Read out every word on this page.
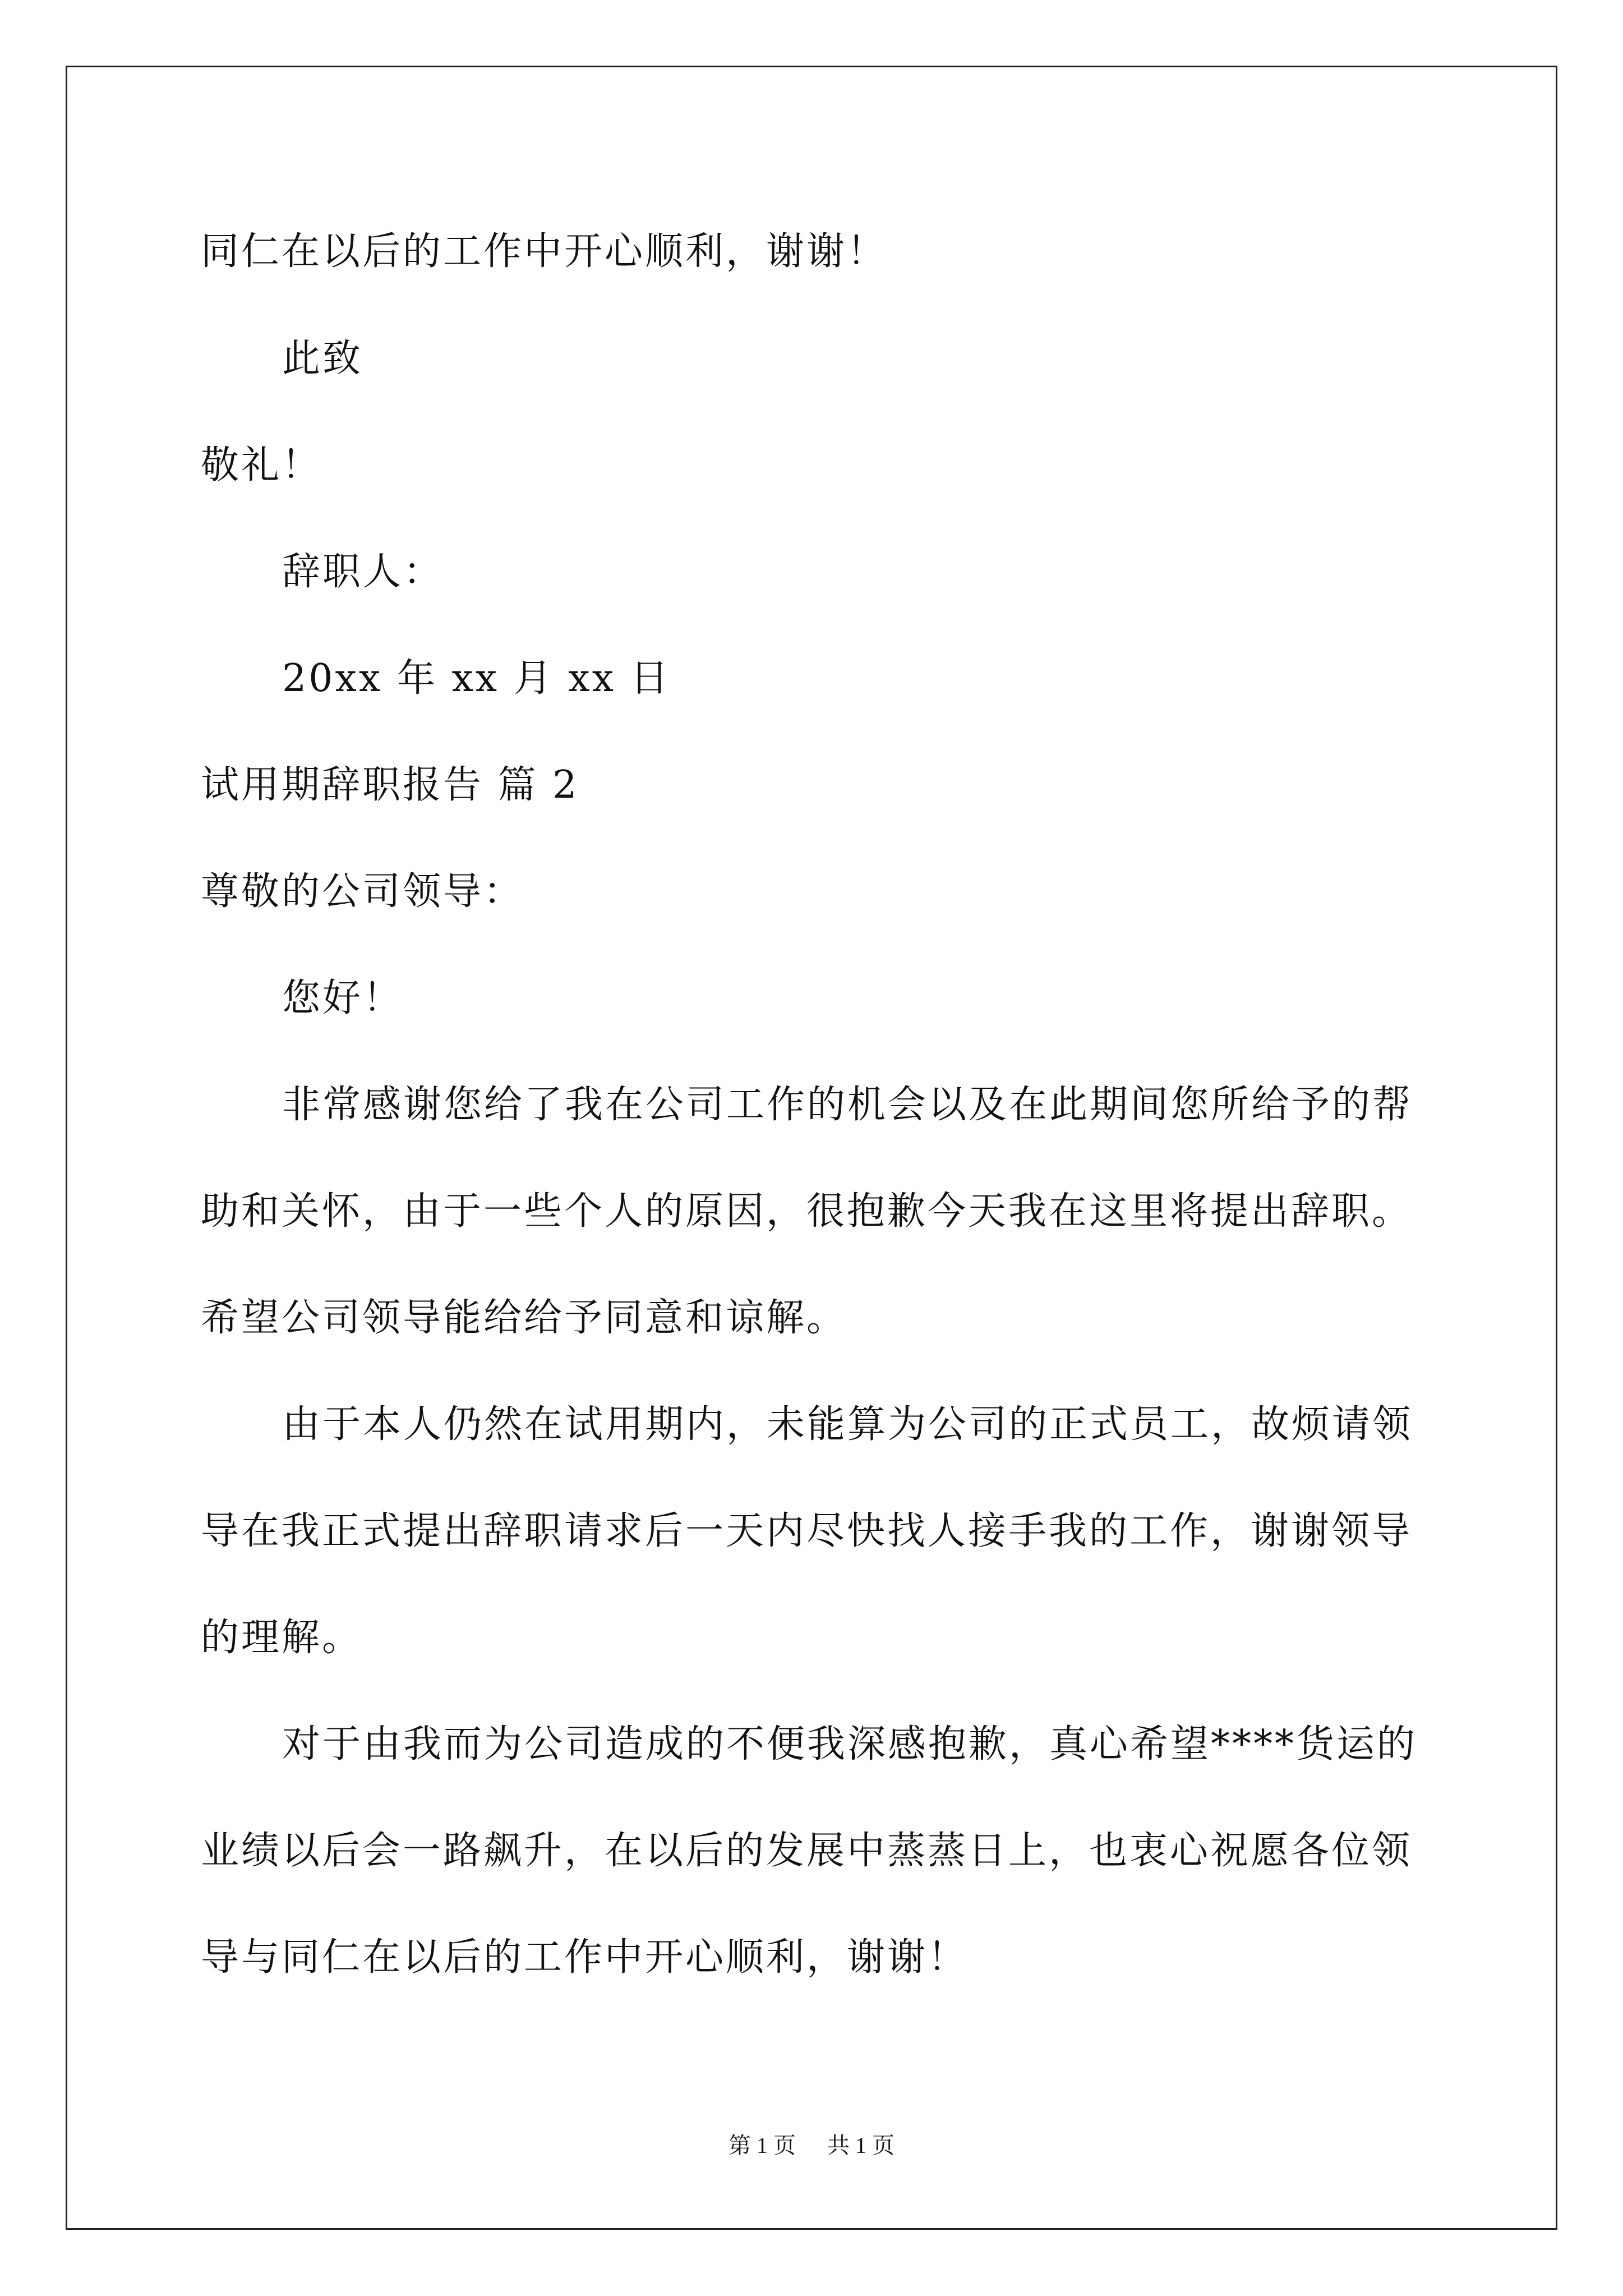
同仁在以后的工作中开心顺利，谢谢！
此致
敬礼！
辞职人：
20xx 年 xx 月 xx 日
试用期辞职报告 篇 2
尊敬的公司领导：
您好！
非常感谢您给了我在公司工作的机会以及在此期间您所给予的帮
助和关怀，由于一些个人的原因，很抱歉今天我在这里将提出辞职。
希望公司领导能给给予同意和谅解。
由于本人仍然在试用期内，未能算为公司的正式员工，故烦请领
导在我正式提出辞职请求后一天内尽快找人接手我的工作，谢谢领导
的理解。
对于由我而为公司造成的不便我深感抱歉，真心希望****货运的
业绩以后会一路飙升，在以后的发展中蒸蒸日上，也衷心祝愿各位领
导与同仁在以后的工作中开心顺利，谢谢！
第 1 页 共 1 页
